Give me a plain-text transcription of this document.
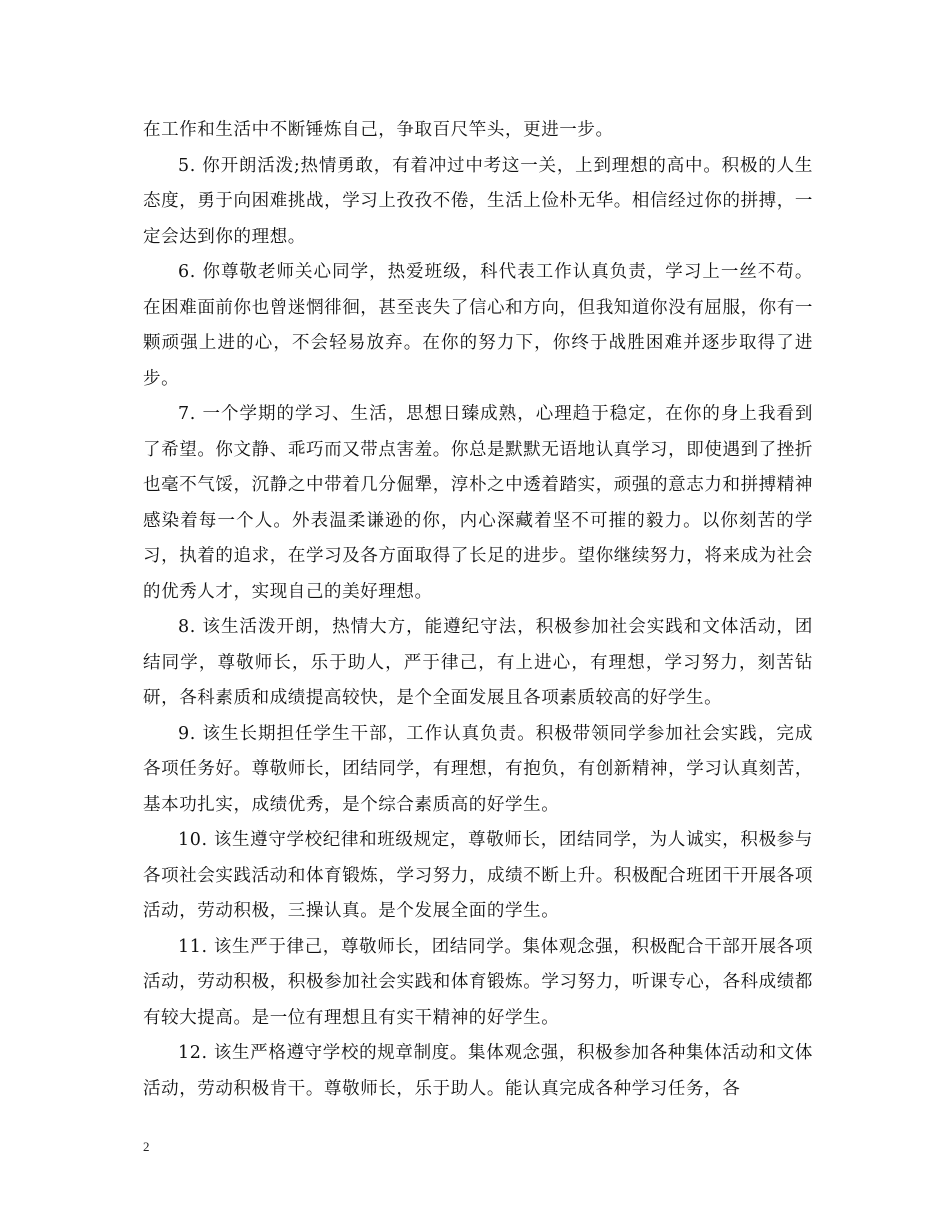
在工作和生活中不断锤炼自己，争取百尺竿头，更进一步。

5. 你开朗活泼;热情勇敢，有着冲过中考这一关，上到理想的高中。积极的人生态度，勇于向困难挑战，学习上孜孜不倦，生活上俭朴无华。相信经过你的拼搏，一定会达到你的理想。

6. 你尊敬老师关心同学，热爱班级，科代表工作认真负责，学习上一丝不苟。在困难面前你也曾迷惘徘徊，甚至丧失了信心和方向，但我知道你没有屈服，你有一颗顽强上进的心，不会轻易放弃。在你的努力下，你终于战胜困难并逐步取得了进步。

7. 一个学期的学习、生活，思想日臻成熟，心理趋于稳定，在你的身上我看到了希望。你文静、乖巧而又带点害羞。你总是默默无语地认真学习，即使遇到了挫折也毫不气馁，沉静之中带着几分倔犟，淳朴之中透着踏实，顽强的意志力和拼搏精神感染着每一个人。外表温柔谦逊的你，内心深藏着坚不可摧的毅力。以你刻苦的学习，执着的追求，在学习及各方面取得了长足的进步。望你继续努力，将来成为社会的优秀人才，实现自己的美好理想。

8. 该生活泼开朗，热情大方，能遵纪守法，积极参加社会实践和文体活动，团结同学，尊敬师长，乐于助人，严于律己，有上进心，有理想，学习努力，刻苦钻研，各科素质和成绩提高较快，是个全面发展且各项素质较高的好学生。

9. 该生长期担任学生干部，工作认真负责。积极带领同学参加社会实践，完成各项任务好。尊敬师长，团结同学，有理想，有抱负，有创新精神，学习认真刻苦，基本功扎实，成绩优秀，是个综合素质高的好学生。

10. 该生遵守学校纪律和班级规定，尊敬师长，团结同学，为人诚实，积极参与各项社会实践活动和体育锻炼，学习努力，成绩不断上升。积极配合班团干开展各项活动，劳动积极，三操认真。是个发展全面的学生。

11. 该生严于律己，尊敬师长，团结同学。集体观念强，积极配合干部开展各项活动，劳动积极，积极参加社会实践和体育锻炼。学习努力，听课专心，各科成绩都有较大提高。是一位有理想且有实干精神的好学生。

12. 该生严格遵守学校的规章制度。集体观念强，积极参加各种集体活动和文体活动，劳动积极肯干。尊敬师长，乐于助人。能认真完成各种学习任务，各

2
